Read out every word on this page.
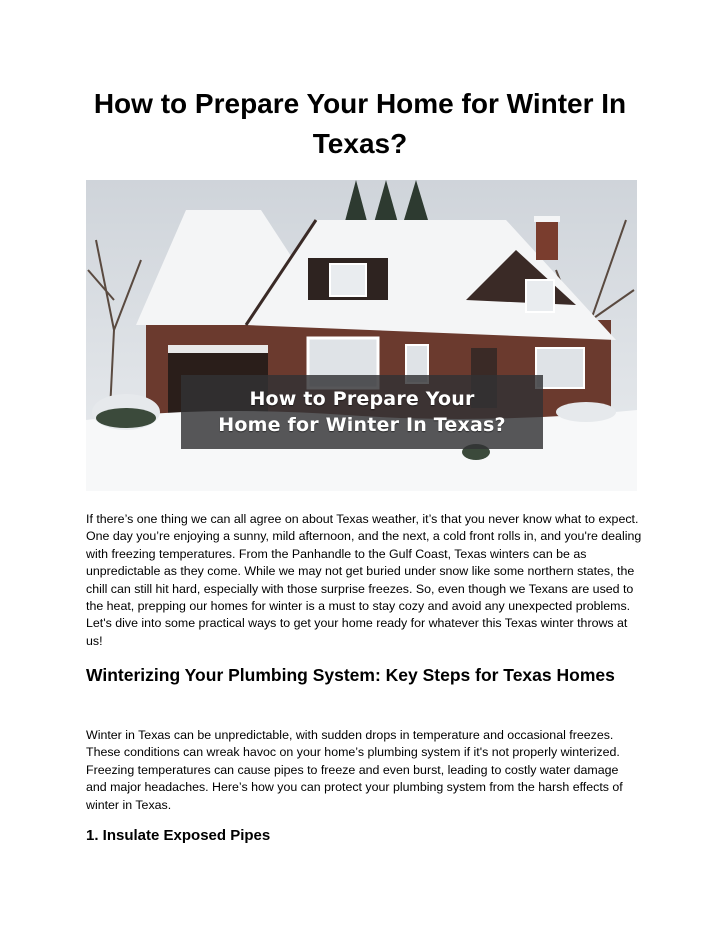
How to Prepare Your Home for Winter In Texas?
How to Prepare Your
Home for Winter In Texas?

If there’s one thing we can all agree on about Texas weather, it’s that you never know what to expect. One day you’re enjoying a sunny, mild afternoon, and the next, a cold front rolls in, and you're dealing with freezing temperatures. From the Panhandle to the Gulf Coast, Texas winters can be as unpredictable as they come. While we may not get buried under snow like some northern states, the chill can still hit hard, especially with those surprise freezes. So, even though we Texans are used to the heat, prepping our homes for winter is a must to stay cozy and avoid any unexpected problems. Let's dive into some practical ways to get your home ready for whatever this Texas winter throws at us!

Winterizing Your Plumbing System: Key Steps for Texas Homes

Winter in Texas can be unpredictable, with sudden drops in temperature and occasional freezes. These conditions can wreak havoc on your home’s plumbing system if it's not properly winterized. Freezing temperatures can cause pipes to freeze and even burst, leading to costly water damage and major headaches. Here’s how you can protect your plumbing system from the harsh effects of winter in Texas.

1. Insulate Exposed Pipes
